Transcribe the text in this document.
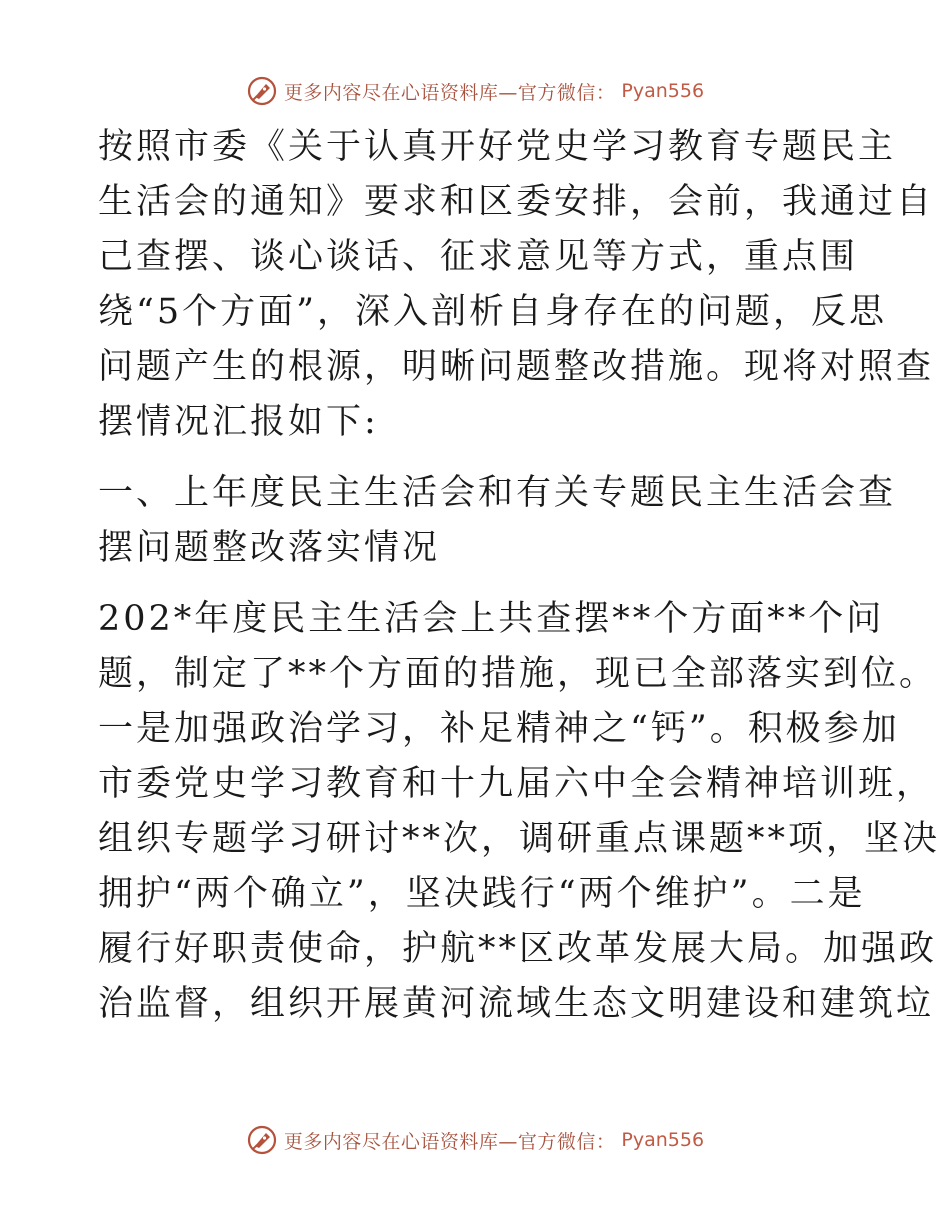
更多内容尽在心语资料库—官方微信： Pyan556
按照市委《关于认真开好党史学习教育专题民主
生活会的通知》要求和区委安排，会前，我通过自
己查摆、谈心谈话、征求意见等方式，重点围
绕“5个方面”，深入剖析自身存在的问题，反思
问题产生的根源，明晰问题整改措施。现将对照查
摆情况汇报如下:
一、上年度民主生活会和有关专题民主生活会查
摆问题整改落实情况
202*年度民主生活会上共查摆**个方面**个问
题，制定了**个方面的措施，现已全部落实到位。
一是加强政治学习，补足精神之“钙”。积极参加
市委党史学习教育和十九届六中全会精神培训班，
组织专题学习研讨**次，调研重点课题**项，坚决
拥护“两个确立”，坚决践行“两个维护”。二是
履行好职责使命，护航**区改革发展大局。加强政
治监督，组织开展黄河流域生态文明建设和建筑垃
更多内容尽在心语资料库—官方微信： Pyan556
